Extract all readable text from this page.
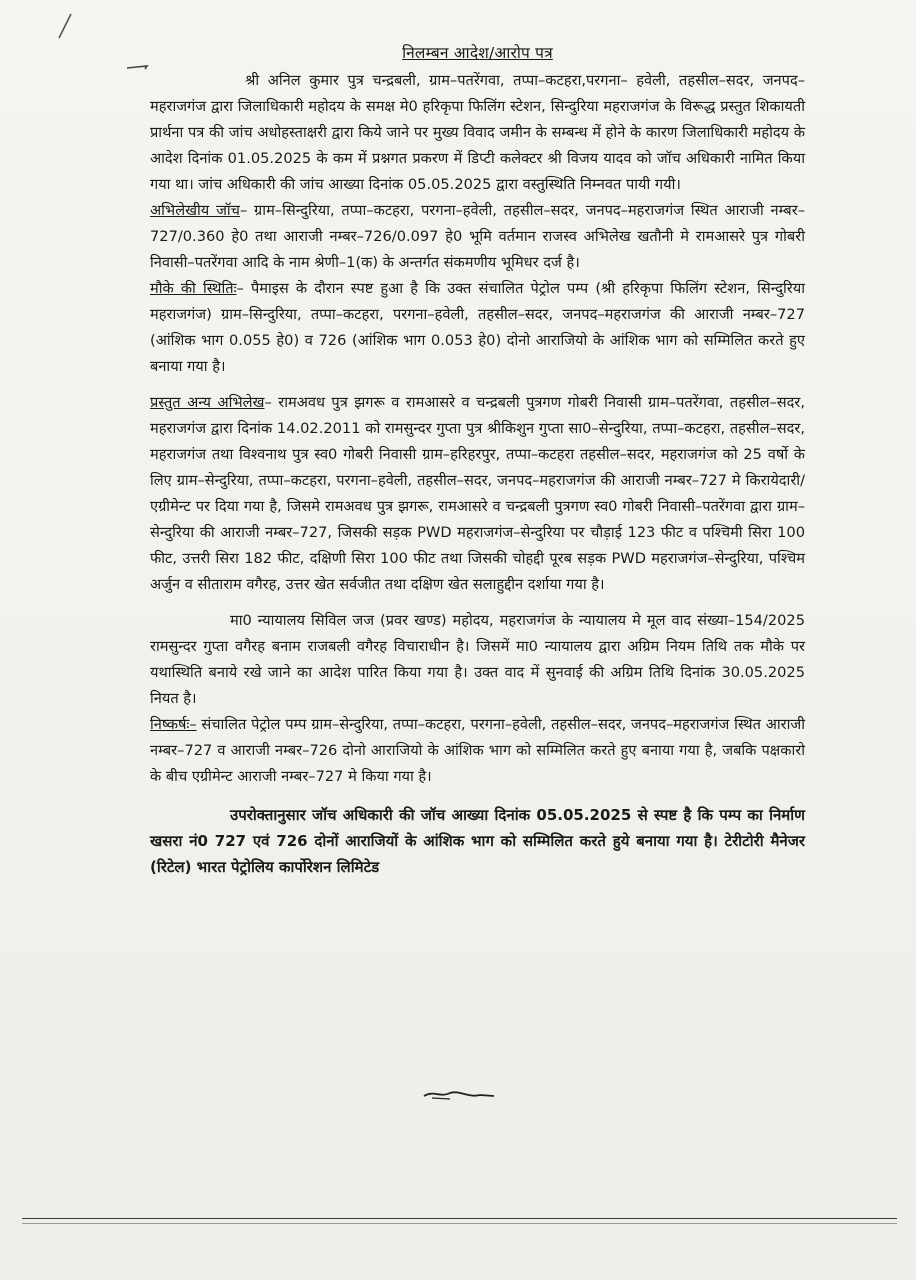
निलम्बन आदेश/आरोप पत्र

श्री अनिल कुमार पुत्र चन्द्रबली, ग्राम–पतरेंगवा, तप्पा–कटहरा,परगना– हवेली, तहसील–सदर, जनपद–महराजगंज द्वारा जिलाधिकारी महोदय के समक्ष मे0 हरिकृपा फिलिंग स्टेशन, सिन्दुरिया महराजगंज के विरूद्ध प्रस्तुत शिकायती प्रार्थना पत्र की जांच अधोहस्ताक्षरी द्वारा किये जाने पर मुख्य विवाद जमीन के सम्बन्ध में होने के कारण जिलाधिकारी महोदय के आदेश दिनांक 01.05.2025 के कम में प्रश्नगत प्रकरण में डिप्टी कलेक्टर श्री विजय यादव को जॉच अधिकारी नामित किया गया था। जांच अधिकारी की जांच आख्या दिनांक 05.05.2025 द्वारा वस्तुस्थिति निम्नवत पायी गयी।

अभिलेखीय जॉच– ग्राम–सिन्दुरिया, तप्पा–कटहरा, परगना–हवेली, तहसील–सदर, जनपद–महराजगंज स्थित आराजी नम्बर–727/0.360 हे0 तथा आराजी नम्बर–726/0.097 हे0 भूमि वर्तमान राजस्व अभिलेख खतौनी मे रामआसरे पुत्र गोबरी निवासी–पतरेंगवा आदि के नाम श्रेणी–1(क) के अन्तर्गत संकमणीय भूमिधर दर्ज है।

मौके की स्थितिः– पैमाइस के दौरान स्पष्ट हुआ है कि उक्त संचालित पेट्रोल पम्प (श्री हरिकृपा फिलिंग स्टेशन, सिन्दुरिया महराजगंज) ग्राम–सिन्दुरिया, तप्पा–कटहरा, परगना–हवेली, तहसील–सदर, जनपद–महराजगंज की आराजी नम्बर–727 (आंशिक भाग 0.055 हे0) व 726 (आंशिक भाग 0.053 हे0) दोनो आराजियो के आंशिक भाग को सम्मिलित करते हुए बनाया गया है।

प्रस्तुत अन्य अभिलेख– रामअवध पुत्र झगरू व रामआसरे व चन्द्रबली पुत्रगण गोबरी निवासी ग्राम–पतरेंगवा, तहसील–सदर, महराजगंज द्वारा दिनांक 14.02.2011 को रामसुन्दर गुप्ता पुत्र श्रीकिशुन गुप्ता सा0–सेन्दुरिया, तप्पा–कटहरा, तहसील–सदर, महराजगंज तथा विश्वनाथ पुत्र स्व0 गोबरी निवासी ग्राम–हरिहरपुर, तप्पा–कटहरा तहसील–सदर, महराजगंज को 25 वर्षो के लिए ग्राम–सेन्दुरिया, तप्पा–कटहरा, परगना–हवेली, तहसील–सदर, जनपद–महराजगंज की आराजी नम्बर–727 मे किरायेदारी/एग्रीमेन्ट पर दिया गया है, जिसमे रामअवध पुत्र झगरू, रामआसरे व चन्द्रबली पुत्रगण स्व0 गोबरी निवासी–पतरेंगवा द्वारा ग्राम–सेन्दुरिया की आराजी नम्बर–727, जिसकी सड़क PWD महराजगंज–सेन्दुरिया पर चौड़ाई 123 फीट व पश्चिमी सिरा 100 फीट, उत्तरी सिरा 182 फीट, दक्षिणी सिरा 100 फीट तथा जिसकी चोहद्दी पूरब सड़क PWD महराजगंज–सेन्दुरिया, पश्चिम अर्जुन व सीताराम वगैरह, उत्तर खेत सर्वजीत तथा दक्षिण खेत सलाहुद्दीन दर्शाया गया है।

मा0 न्यायालय सिविल जज (प्रवर खण्ड) महोदय, महराजगंज के न्यायालय मे मूल वाद संख्या–154/2025 रामसुन्दर गुप्ता वगैरह बनाम राजबली वगैरह विचाराधीन है। जिसमें मा0 न्यायालय द्वारा अग्रिम नियम तिथि तक मौके पर यथास्थिति बनाये रखे जाने का आदेश पारित किया गया है। उक्त वाद में सुनवाई की अग्रिम तिथि दिनांक 30.05.2025 नियत है।

निष्कर्षः– संचालित पेट्रोल पम्प ग्राम–सेन्दुरिया, तप्पा–कटहरा, परगना–हवेली, तहसील–सदर, जनपद–महराजगंज स्थित आराजी नम्बर–727 व आराजी नम्बर–726 दोनो आराजियो के आंशिक भाग को सम्मिलित करते हुए बनाया गया है, जबकि पक्षकारो के बीच एग्रीमेन्ट आराजी नम्बर–727 मे किया गया है।

उपरोक्तानुसार जॉच अधिकारी की जॉच आख्या दिनांक 05.05.2025 से स्पष्ट है कि पम्प का निर्माण खसरा नं0 727 एवं 726 दोनों आराजियों के आंशिक भाग को सम्मिलित करते हुये बनाया गया है। टेरीटोरी मैनेजर (रिटेल) भारत पेट्रोलिय कार्पोरेशन लिमिटेड
